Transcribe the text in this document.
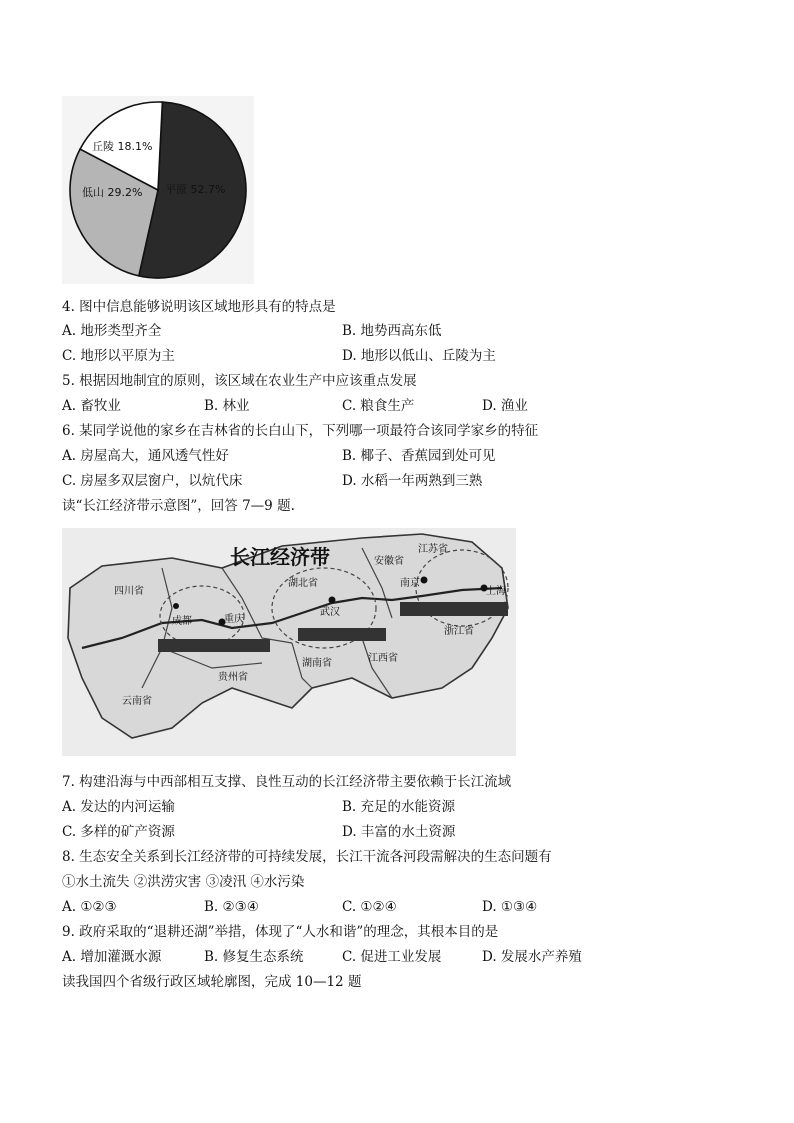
丘陵 18.1%
低山 29.2% 平原 52.7%
4. 图中信息能够说明该区域地形具有的特点是
A. 地形类型齐全	B. 地势西高东低
C. 地形以平原为主	D. 地形以低山、丘陵为主
5. 根据因地制宜的原则，该区域在农业生产中应该重点发展
A. 畜牧业	B. 林业	C. 粮食生产	D. 渔业
6. 某同学说他的家乡在吉林省的长白山下，下列哪一项最符合该同学家乡的特征
A. 房屋高大，通风透气性好	B. 椰子、香蕉园到处可见
C. 房屋多双层窗户，以炕代床	D. 水稻一年两熟到三熟
读“长江经济带示意图”，回答 7—9 题.
长江经济带
四川省
成都	重庆
湖北省
武汉
安徽省
江苏省
南京
上海
浙江省
湖南省	江西省
贵州省
云南省
7. 构建沿海与中西部相互支撑、良性互动的长江经济带主要依赖于长江流域
A. 发达的内河运输	B. 充足的水能资源
C. 多样的矿产资源	D. 丰富的水土资源
8. 生态安全关系到长江经济带的可持续发展，长江干流各河段需解决的生态问题有
①水土流失 ②洪涝灾害 ③凌汛 ④水污染
A. ①②③	B. ②③④	C. ①②④	D. ①③④
9. 政府采取的“退耕还湖”举措，体现了“人水和谐”的理念，其根本目的是
A. 增加灌溉水源	B. 修复生态系统	C. 促进工业发展	D. 发展水产养殖
读我国四个省级行政区域轮廓图，完成 10—12 题
